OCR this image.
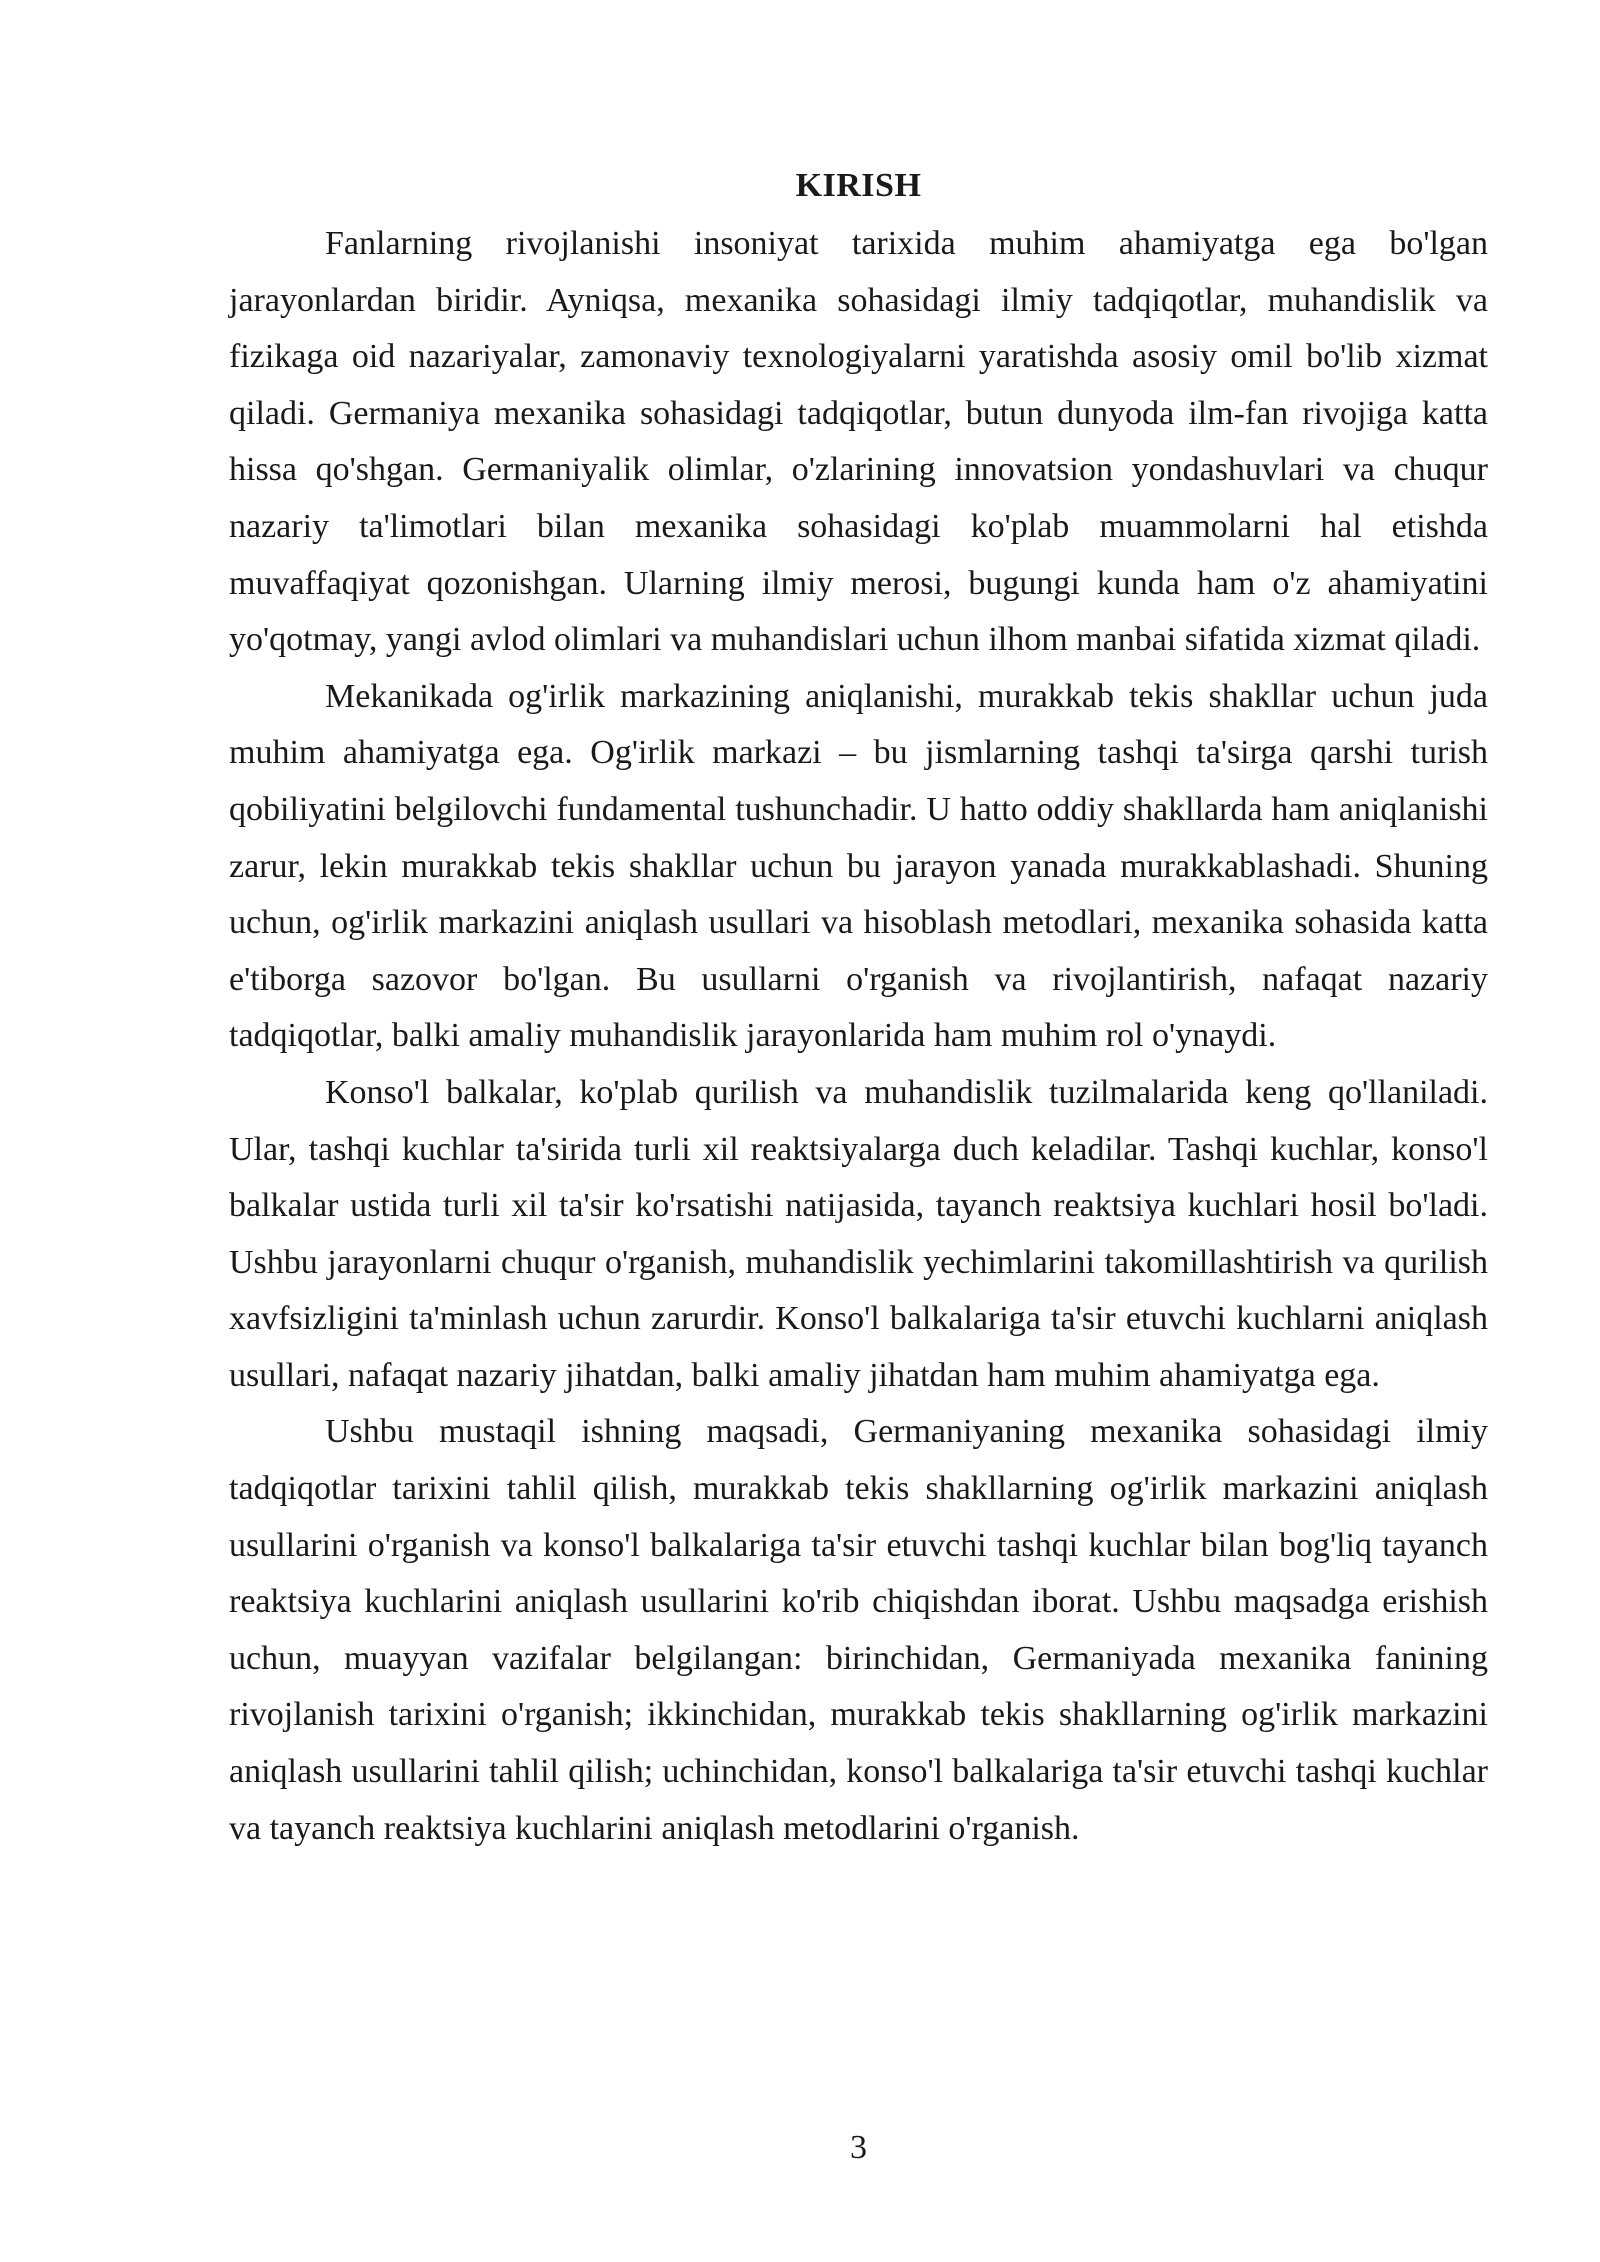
KIRISH

Fanlarning rivojlanishi insoniyat tarixida muhim ahamiyatga ega bo'lgan jarayonlardan biridir. Ayniqsa, mexanika sohasidagi ilmiy tadqiqotlar, muhandislik va fizikaga oid nazariyalar, zamonaviy texnologiyalarni yaratishda asosiy omil bo'lib xizmat qiladi. Germaniya mexanika sohasidagi tadqiqotlar, butun dunyoda ilm-fan rivojiga katta hissa qo'shgan. Germaniyalik olimlar, o'zlarining innovatsion yondashuvlari va chuqur nazariy ta'limotlari bilan mexanika sohasidagi ko'plab muammolarni hal etishda muvaffaqiyat qozonishgan. Ularning ilmiy merosi, bugungi kunda ham o'z ahamiyatini yo'qotmay, yangi avlod olimlari va muhandislari uchun ilhom manbai sifatida xizmat qiladi.

Mekanikada og'irlik markazining aniqlanishi, murakkab tekis shakllar uchun juda muhim ahamiyatga ega. Og'irlik markazi – bu jismlarning tashqi ta'sirga qarshi turish qobiliyatini belgilovchi fundamental tushunchadir. U hatto oddiy shakllarda ham aniqlanishi zarur, lekin murakkab tekis shakllar uchun bu jarayon yanada murakkablashadi. Shuning uchun, og'irlik markazini aniqlash usullari va hisoblash metodlari, mexanika sohasida katta e'tiborga sazovor bo'lgan. Bu usullarni o'rganish va rivojlantirish, nafaqat nazariy tadqiqotlar, balki amaliy muhandislik jarayonlarida ham muhim rol o'ynaydi.

Konso'l balkalar, ko'plab qurilish va muhandislik tuzilmalarida keng qo'llaniladi. Ular, tashqi kuchlar ta'sirida turli xil reaktsiyalarga duch keladilar. Tashqi kuchlar, konso'l balkalar ustida turli xil ta'sir ko'rsatishi natijasida, tayanch reaktsiya kuchlari hosil bo'ladi. Ushbu jarayonlarni chuqur o'rganish, muhandislik yechimlarini takomillashtirish va qurilish xavfsizligini ta'minlash uchun zarurdir. Konso'l balkalariga ta'sir etuvchi kuchlarni aniqlash usullari, nafaqat nazariy jihatdan, balki amaliy jihatdan ham muhim ahamiyatga ega.

Ushbu mustaqil ishning maqsadi, Germaniyaning mexanika sohasidagi ilmiy tadqiqotlar tarixini tahlil qilish, murakkab tekis shakllarning og'irlik markazini aniqlash usullarini o'rganish va konso'l balkalariga ta'sir etuvchi tashqi kuchlar bilan bog'liq tayanch reaktsiya kuchlarini aniqlash usullarini ko'rib chiqishdan iborat. Ushbu maqsadga erishish uchun, muayyan vazifalar belgilangan: birinchidan, Germaniyada mexanika fanining rivojlanish tarixini o'rganish; ikkinchidan, murakkab tekis shakllarning og'irlik markazini aniqlash usullarini tahlil qilish; uchinchidan, konso'l balkalariga ta'sir etuvchi tashqi kuchlar va tayanch reaktsiya kuchlarini aniqlash metodlarini o'rganish.

3
